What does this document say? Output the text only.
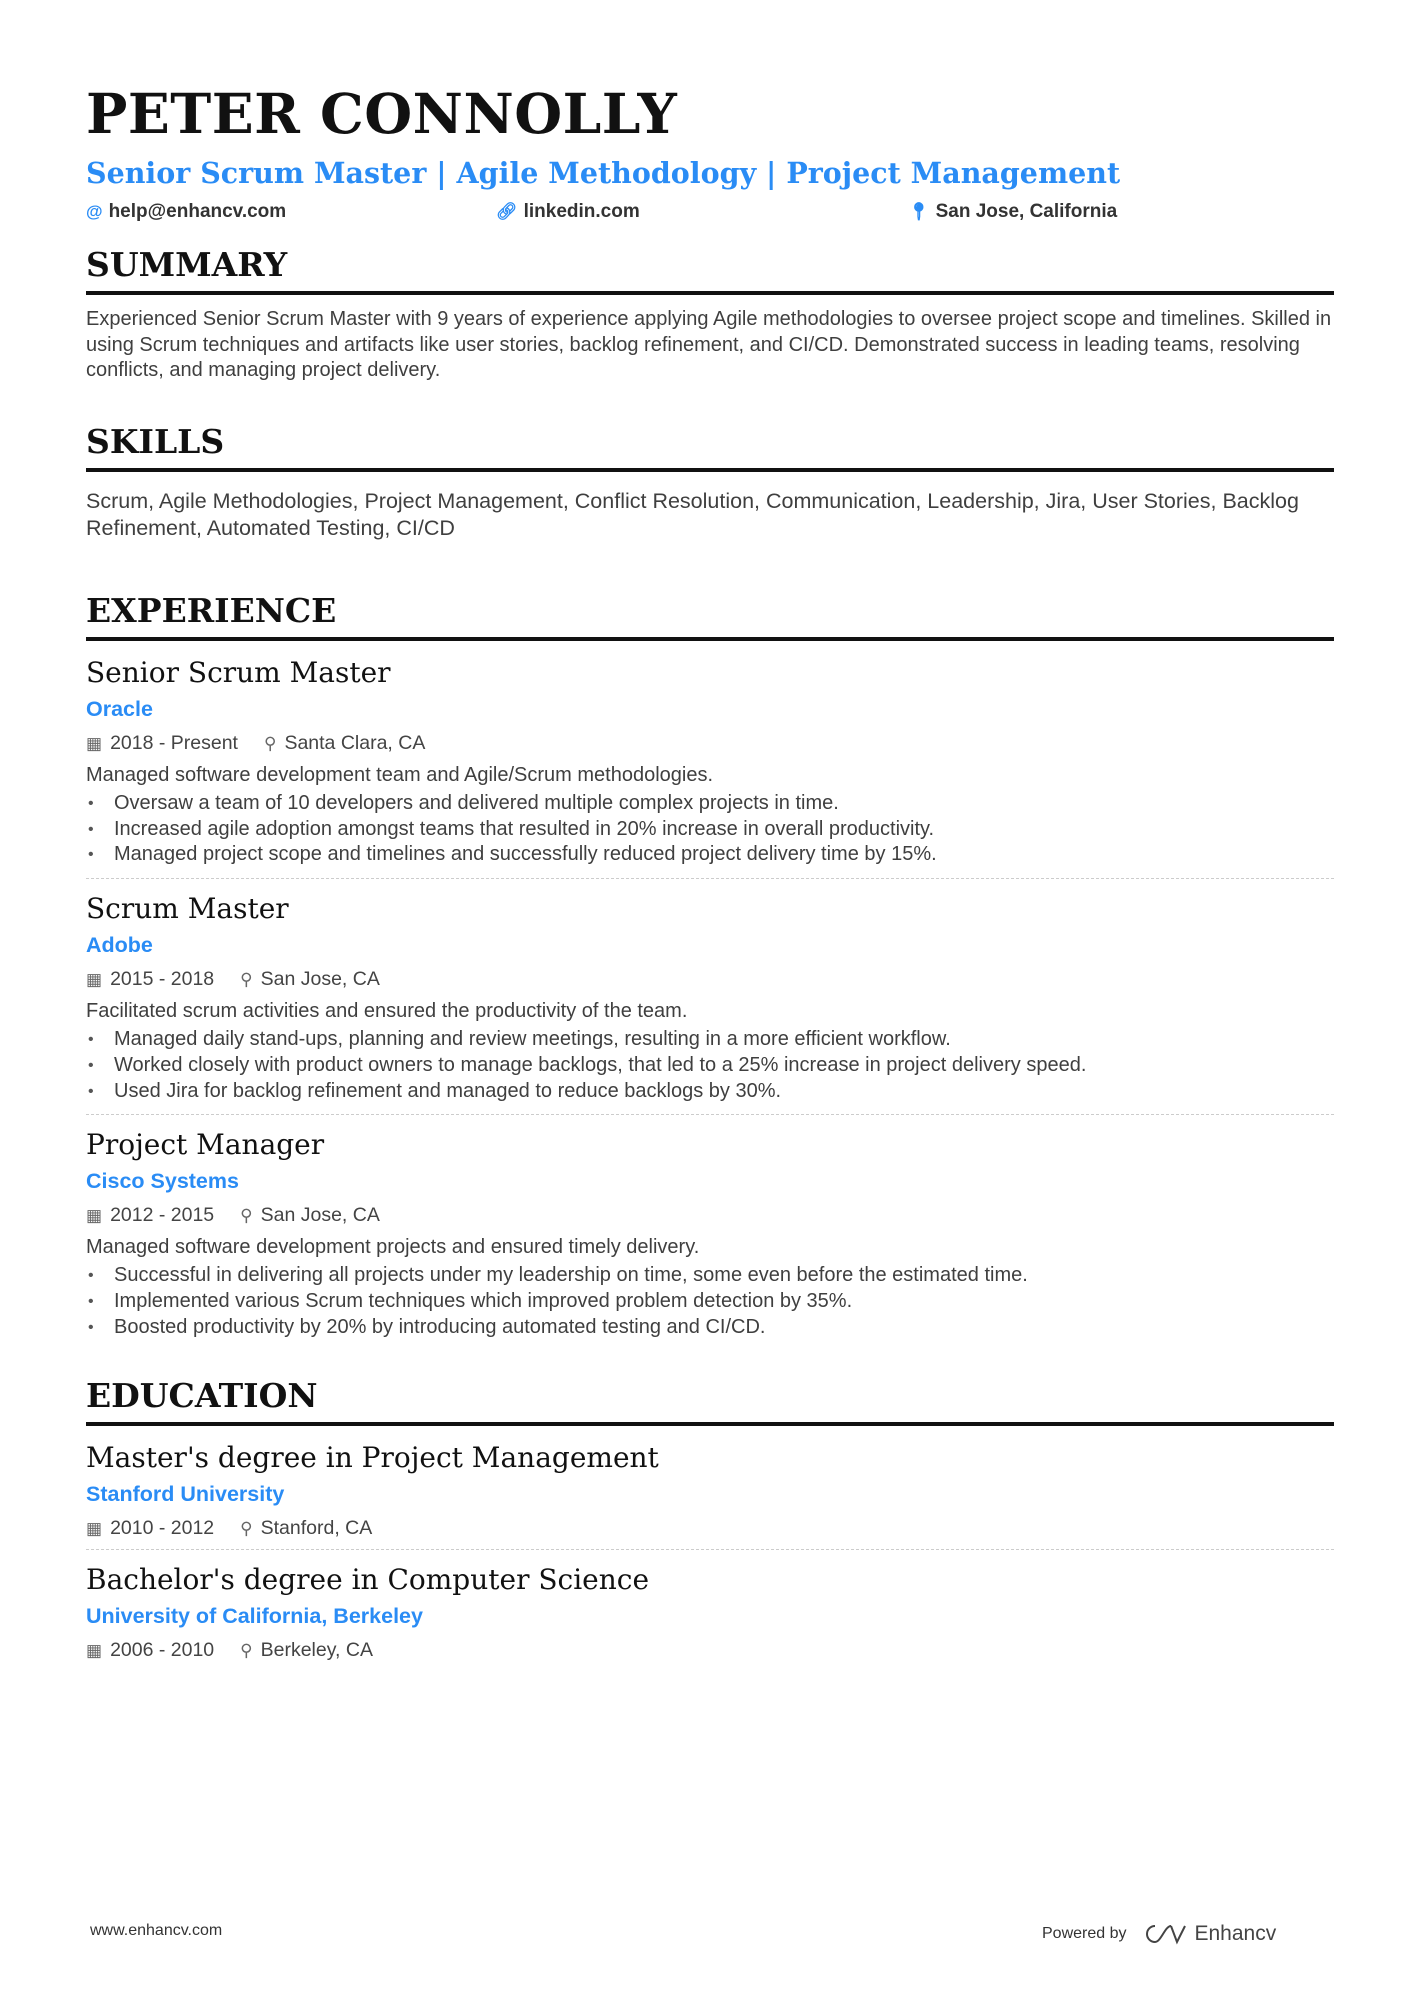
PETER CONNOLLY
Senior Scrum Master | Agile Methodology | Project Management
@ help@enhancv.com	🔗︎ linkedin.com	📍︎ San Jose, California
SUMMARY
Experienced Senior Scrum Master with 9 years of experience applying Agile methodologies to oversee project scope and timelines. Skilled in using Scrum techniques and artifacts like user stories, backlog refinement, and CI/CD. Demonstrated success in leading teams, resolving conflicts, and managing project delivery.
SKILLS
Scrum, Agile Methodologies, Project Management, Conflict Resolution, Communication, Leadership, Jira, User Stories, Backlog Refinement, Automated Testing, CI/CD
EXPERIENCE
Senior Scrum Master
Oracle
▦ 2018 - Present ⚲ Santa Clara, CA
Managed software development team and Agile/Scrum methodologies.
• Oversaw a team of 10 developers and delivered multiple complex projects in time.
• Increased agile adoption amongst teams that resulted in 20% increase in overall productivity.
• Managed project scope and timelines and successfully reduced project delivery time by 15%.
Scrum Master
Adobe
▦ 2015 - 2018 ⚲ San Jose, CA
Facilitated scrum activities and ensured the productivity of the team.
• Managed daily stand-ups, planning and review meetings, resulting in a more efficient workflow.
• Worked closely with product owners to manage backlogs, that led to a 25% increase in project delivery speed.
• Used Jira for backlog refinement and managed to reduce backlogs by 30%.
Project Manager
Cisco Systems
▦ 2012 - 2015 ⚲ San Jose, CA
Managed software development projects and ensured timely delivery.
• Successful in delivering all projects under my leadership on time, some even before the estimated time.
• Implemented various Scrum techniques which improved problem detection by 35%.
• Boosted productivity by 20% by introducing automated testing and CI/CD.
EDUCATION
Master's degree in Project Management
Stanford University
▦ 2010 - 2012 ⚲ Stanford, CA
Bachelor's degree in Computer Science
University of California, Berkeley
▦ 2006 - 2010 ⚲ Berkeley, CA
www.enhancv.com	Powered by	Enhancv
